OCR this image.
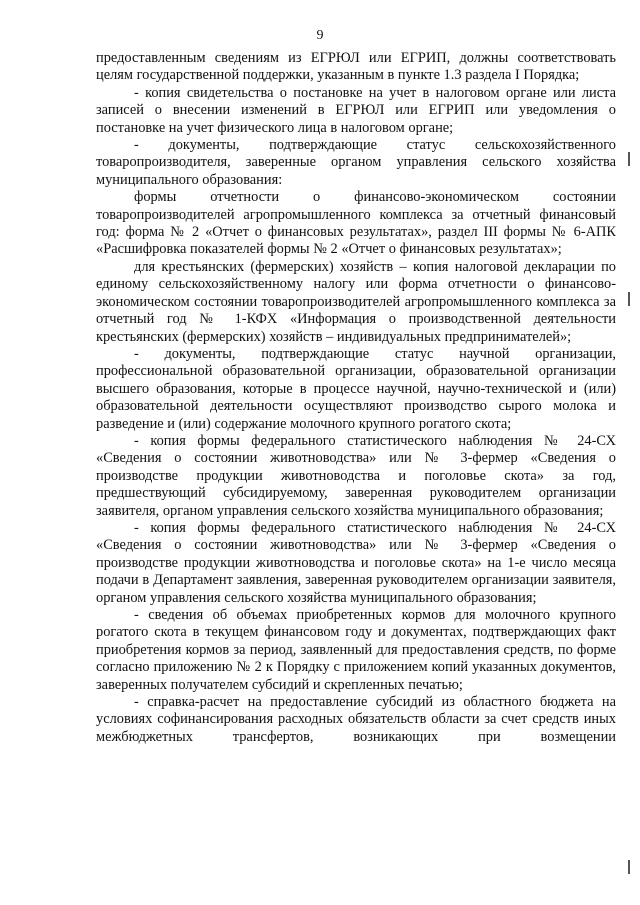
9

предоставленным сведениям из ЕГРЮЛ или ЕГРИП, должны соответствовать целям государственной поддержки, указанным в пункте 1.3 раздела I Порядка;

- копия свидетельства о постановке на учет в налоговом органе или листа записей о внесении изменений в ЕГРЮЛ или ЕГРИП или уведомления о постановке на учет физического лица в налоговом органе;

- документы, подтверждающие статус сельскохозяйственного товаропроизводителя, заверенные органом управления сельского хозяйства муниципального образования:

формы отчетности о финансово-экономическом состоянии товаропроизводителей агропромышленного комплекса за отчетный финансовый год: форма № 2 «Отчет о финансовых результатах», раздел III формы № 6-АПК «Расшифровка показателей формы № 2 «Отчет о финансовых результатах»;

для крестьянских (фермерских) хозяйств – копия налоговой декларации по единому сельскохозяйственному налогу или форма отчетности о финансово-экономическом состоянии товаропроизводителей агропромышленного комплекса за отчетный год № 1-КФХ «Информация о производственной деятельности крестьянских (фермерских) хозяйств – индивидуальных предпринимателей»;

- документы, подтверждающие статус научной организации, профессиональной образовательной организации, образовательной организации высшего образования, которые в процессе научной, научно-технической и (или) образовательной деятельности осуществляют производство сырого молока и разведение и (или) содержание молочного крупного рогатого скота;

- копия формы федерального статистического наблюдения № 24-СХ «Сведения о состоянии животноводства» или № 3-фермер «Сведения о производстве продукции животноводства и поголовье скота» за год, предшествующий субсидируемому, заверенная руководителем организации заявителя, органом управления сельского хозяйства муниципального образования;

- копия формы федерального статистического наблюдения № 24-СХ «Сведения о состоянии животноводства» или № 3-фермер «Сведения о производстве продукции животноводства и поголовье скота» на 1-е число месяца подачи в Департамент заявления, заверенная руководителем организации заявителя, органом управления сельского хозяйства муниципального образования;

- сведения об объемах приобретенных кормов для молочного крупного рогатого скота в текущем финансовом году и документах, подтверждающих факт приобретения кормов за период, заявленный для предоставления средств, по форме согласно приложению № 2 к Порядку с приложением копий указанных документов, заверенных получателем субсидий и скрепленных печатью;

- справка-расчет на предоставление субсидий из областного бюджета на условиях софинансирования расходных обязательств области за счет средств иных межбюджетных трансфертов, возникающих при возмещении
